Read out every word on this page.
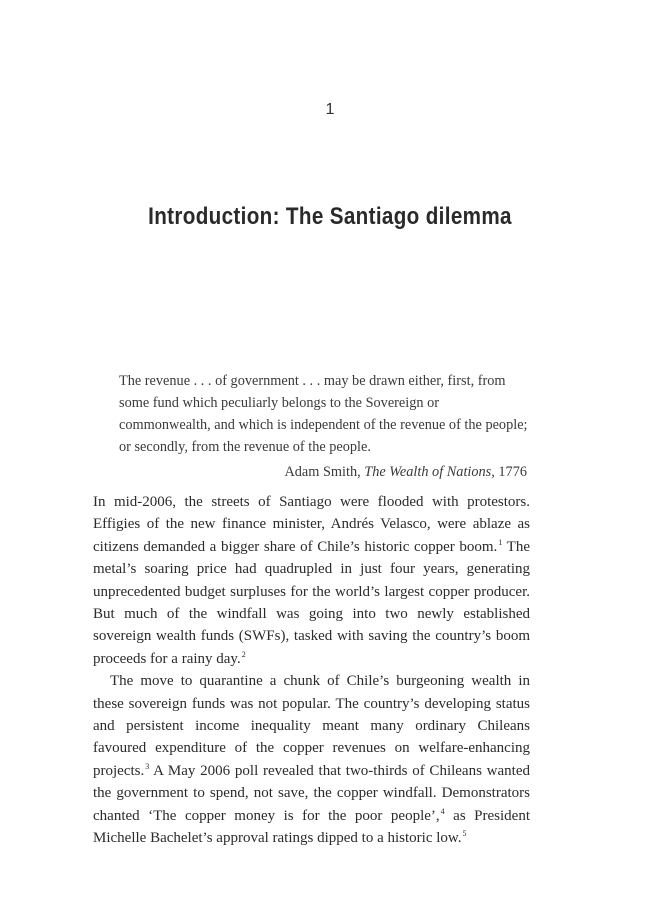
1
Introduction: The Santiago dilemma

The revenue . . . of government . . . may be drawn either, first, from some fund which peculiarly belongs to the Sovereign or commonwealth, and which is independent of the revenue of the people; or secondly, from the revenue of the people.

Adam Smith, The Wealth of Nations, 1776

In mid-2006, the streets of Santiago were flooded with protestors. Effigies of the new finance minister, Andrés Velasco, were ablaze as citizens demanded a bigger share of Chile’s historic copper boom.$^1$ The metal’s soaring price had quadrupled in just four years, generating unprecedented budget surpluses for the world’s largest copper producer. But much of the windfall was going into two newly established sovereign wealth funds (SWFs), tasked with saving the country’s boom proceeds for a rainy day.$^2$

The move to quarantine a chunk of Chile’s burgeoning wealth in these sovereign funds was not popular. The country’s developing status and persistent income inequality meant many ordinary Chileans favoured expenditure of the copper revenues on welfare-enhancing projects.$^3$ A May 2006 poll revealed that two-thirds of Chileans wanted the government to spend, not save, the copper windfall. Demonstrators chanted ‘The copper money is for the poor people’,$^4$ as President Michelle Bachelet’s approval ratings dipped to a historic low.$^5$
